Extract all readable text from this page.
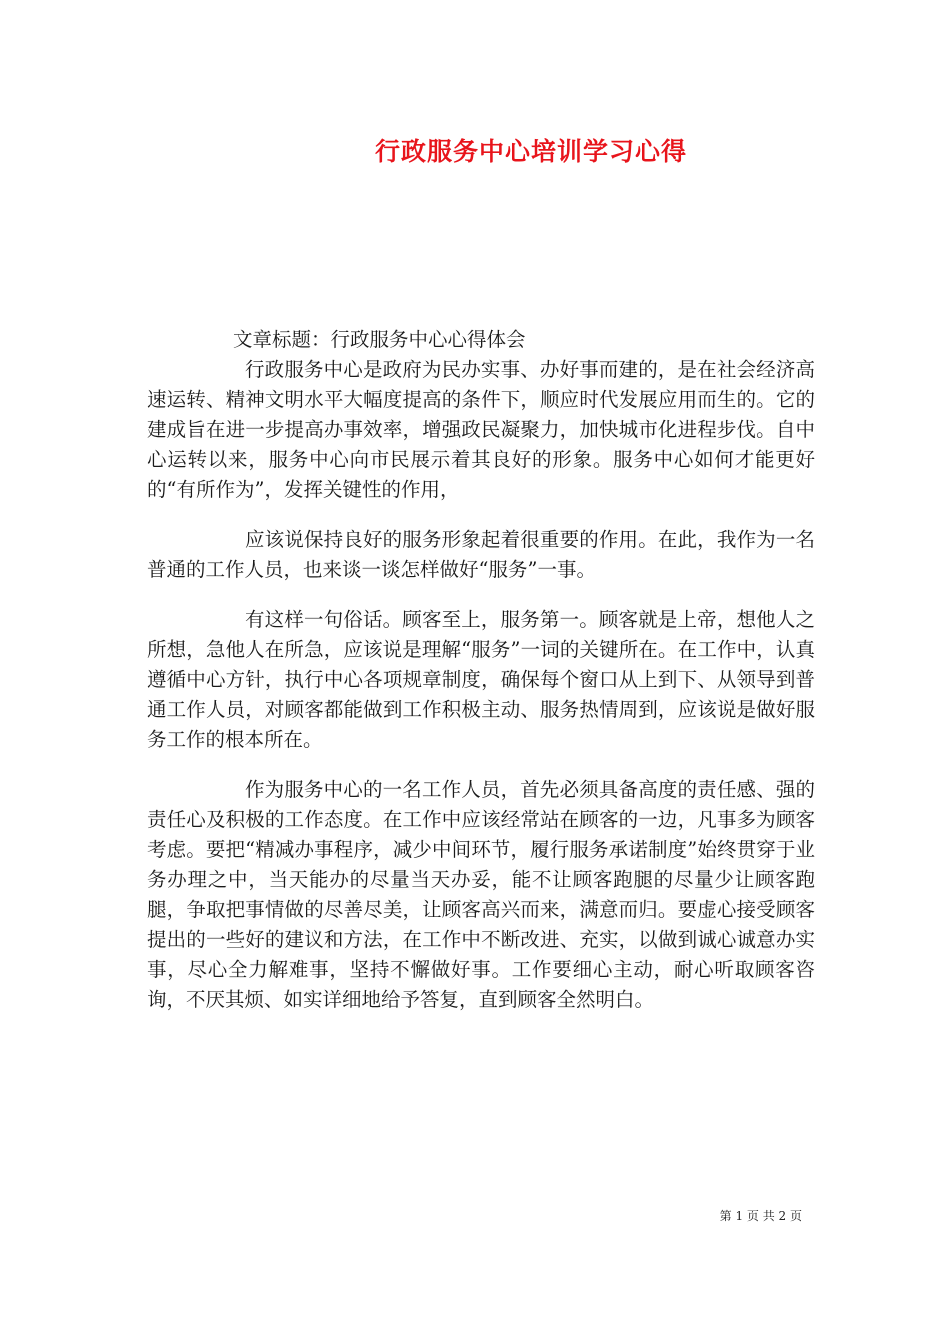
行政服务中心培训学习心得

文章标题：行政服务中心心得体会

行政服务中心是政府为民办实事、办好事而建的，是在社会经济高速运转、精神文明水平大幅度提高的条件下，顺应时代发展应用而生的。它的建成旨在进一步提高办事效率，增强政民凝聚力，加快城市化进程步伐。自中心运转以来，服务中心向市民展示着其良好的形象。服务中心如何才能更好的“有所作为”，发挥关键性的作用，

应该说保持良好的服务形象起着很重要的作用。在此，我作为一名普通的工作人员，也来谈一谈怎样做好“服务”一事。

有这样一句俗话。顾客至上，服务第一。顾客就是上帝，想他人之所想，急他人在所急，应该说是理解“服务”一词的关键所在。在工作中，认真遵循中心方针，执行中心各项规章制度，确保每个窗口从上到下、从领导到普通工作人员，对顾客都能做到工作积极主动、服务热情周到，应该说是做好服务工作的根本所在。

作为服务中心的一名工作人员，首先必须具备高度的责任感、强的责任心及积极的工作态度。在工作中应该经常站在顾客的一边，凡事多为顾客考虑。要把“精减办事程序，减少中间环节，履行服务承诺制度”始终贯穿于业务办理之中，当天能办的尽量当天办妥，能不让顾客跑腿的尽量少让顾客跑腿，争取把事情做的尽善尽美，让顾客高兴而来，满意而归。要虚心接受顾客提出的一些好的建议和方法，在工作中不断改进、充实，以做到诚心诚意办实事，尽心全力解难事，坚持不懈做好事。工作要细心主动，耐心听取顾客咨询，不厌其烦、如实详细地给予答复，直到顾客全然明白。

第 1 页 共 2 页
